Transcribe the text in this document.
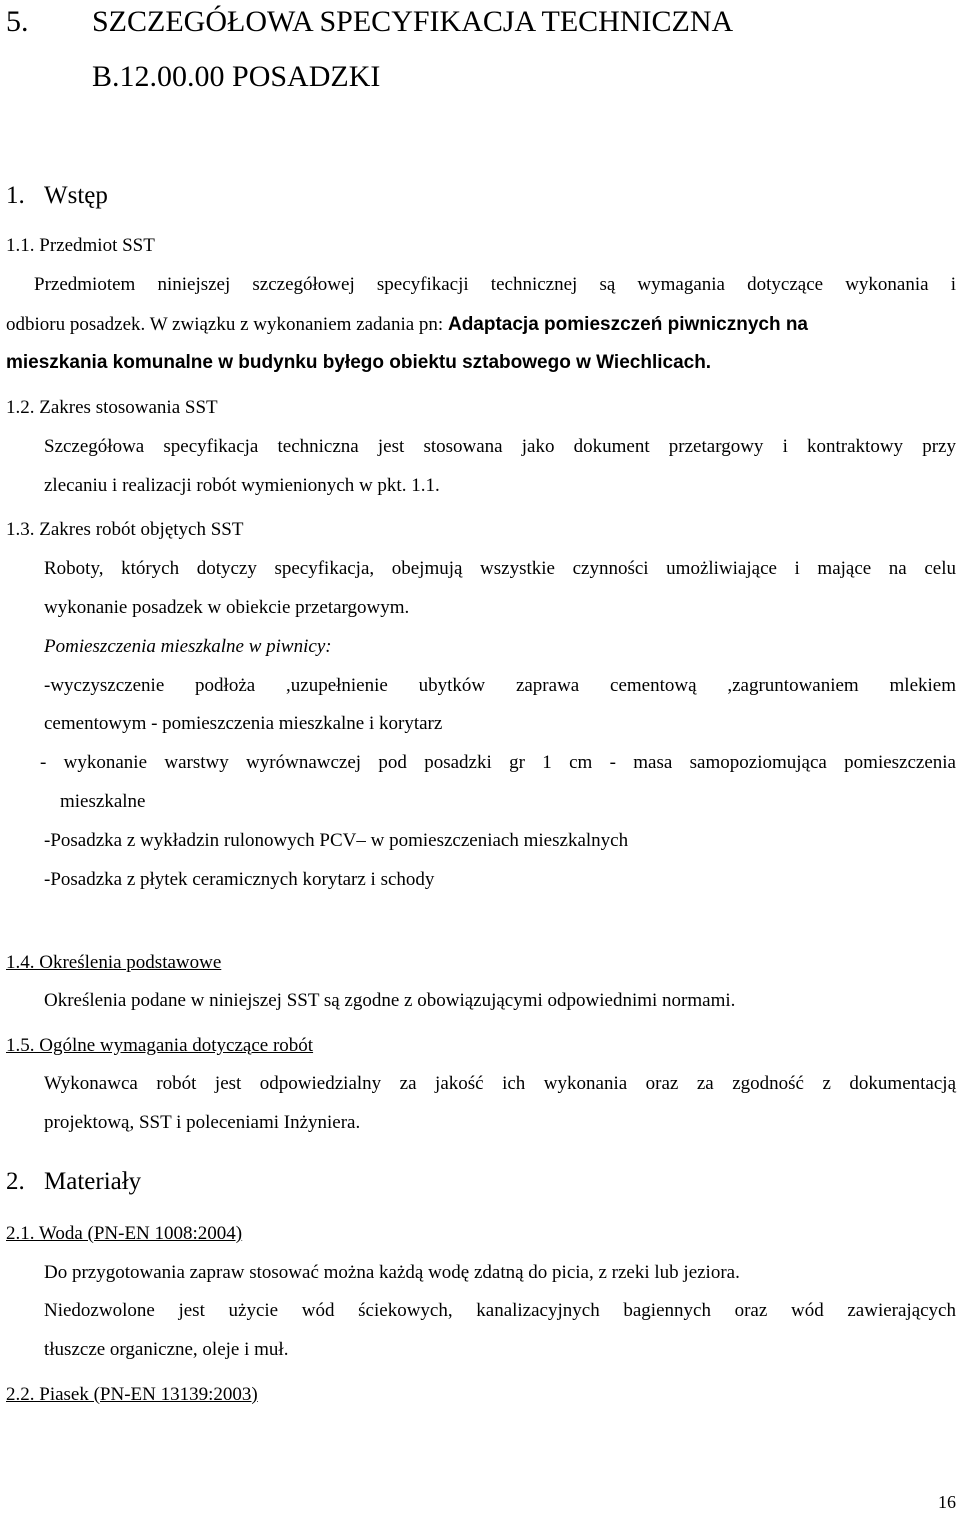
5. SZCZEGÓŁOWA SPECYFIKACJA TECHNICZNA
B.12.00.00 POSADZKI
1. Wstęp
1.1. Przedmiot SST
Przedmiotem niniejszej szczegółowej specyfikacji technicznej są wymagania dotyczące wykonania i
odbioru posadzek. W związku z wykonaniem zadania pn: Adaptacja pomieszczeń piwnicznych na
mieszkania komunalne w budynku byłego obiektu sztabowego w Wiechlicach.
1.2. Zakres stosowania SST
Szczegółowa specyfikacja techniczna jest stosowana jako dokument przetargowy i kontraktowy przy
zlecaniu i realizacji robót wymienionych w pkt. 1.1.
1.3. Zakres robót objętych SST
Roboty, których dotyczy specyfikacja, obejmują wszystkie czynności umożliwiające i mające na celu
wykonanie posadzek w obiekcie przetargowym.
Pomieszczenia mieszkalne w piwnicy:
-wyczyszczenie podłoża ,uzupełnienie ubytków zaprawa cementową ,zagruntowaniem mlekiem
cementowym - pomieszczenia mieszkalne i korytarz
- wykonanie warstwy wyrównawczej pod posadzki gr 1 cm - masa samopoziomująca pomieszczenia
mieszkalne
-Posadzka z wykładzin rulonowych PCV– w pomieszczeniach mieszkalnych
-Posadzka z płytek ceramicznych korytarz i schody
1.4. Określenia podstawowe
Określenia podane w niniejszej SST są zgodne z obowiązującymi odpowiednimi normami.
1.5. Ogólne wymagania dotyczące robót
Wykonawca robót jest odpowiedzialny za jakość ich wykonania oraz za zgodność z dokumentacją
projektową, SST i poleceniami Inżyniera.
2. Materiały
2.1. Woda (PN-EN 1008:2004)
Do przygotowania zapraw stosować można każdą wodę zdatną do picia, z rzeki lub jeziora.
Niedozwolone jest użycie wód ściekowych, kanalizacyjnych bagiennych oraz wód zawierających
tłuszcze organiczne, oleje i muł.
2.2. Piasek (PN-EN 13139:2003)
16
